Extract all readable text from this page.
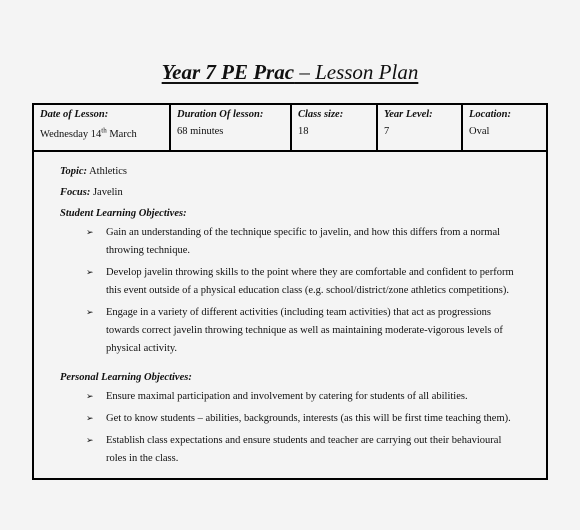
Year 7 PE Prac – Lesson Plan
Date of Lesson:
Wednesday 14th March
Duration Of lesson:
68 minutes
Class size:
18
Year Level:
7
Location:
Oval

Topic: Athletics

Focus: Javelin

Student Learning Objectives:

➢ Gain an understanding of the technique specific to javelin, and how this differs from a normal throwing technique.
➢ Develop javelin throwing skills to the point where they are comfortable and confident to perform this event outside of a physical education class (e.g. school/district/zone athletics competitions).
➢ Engage in a variety of different activities (including team activities) that act as progressions towards correct javelin throwing technique as well as maintaining moderate-vigorous levels of physical activity.

Personal Learning Objectives:

➢ Ensure maximal participation and involvement by catering for students of all abilities.
➢ Get to know students – abilities, backgrounds, interests (as this will be first time teaching them).
➢ Establish class expectations and ensure students and teacher are carrying out their behavioural roles in the class.
